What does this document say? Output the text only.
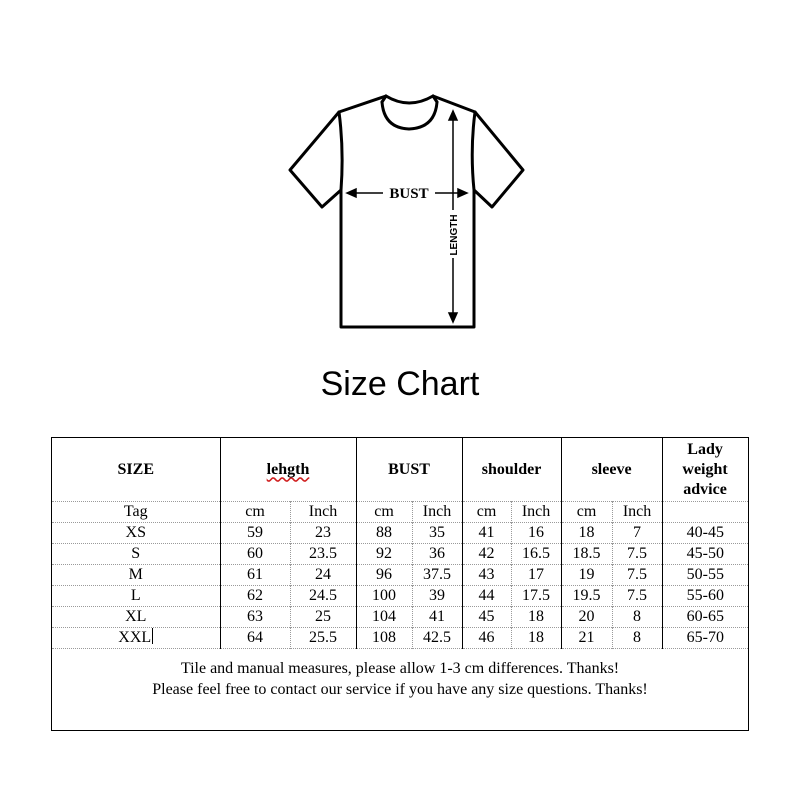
BUST
LENGTH
Size Chart
SIZE	lehgth		BUST		shoulder		sleeve		Lady
weight
advice

Tag	cm	Inch	cm	Inch	cm	Inch	cm	Inch	
XS	59	23	88	35	41	16	18	7	40-45
S	60	23.5	92	36	42	16.5	18.5	7.5	45-50
M	61	24	96	37.5	43	17	19	7.5	50-55
L	62	24.5	100	39	44	17.5	19.5	7.5	55-60
XL	63	25	104	41	45	18	20	8	60-65
XXL	64	25.5	108	42.5	46	18	21	8	65-70
Tile and manual measures, please allow 1-3 cm differences. Thanks!
Please feel free to contact our service if you have any size questions. Thanks!
